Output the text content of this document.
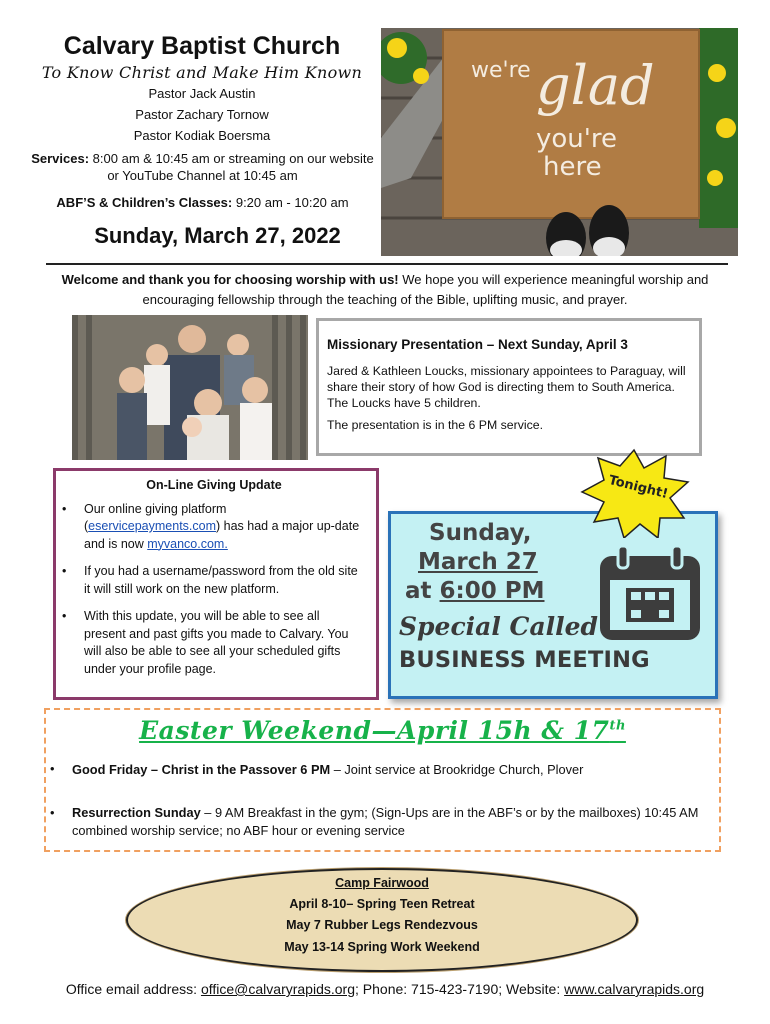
Calvary Baptist Church
To Know Christ and Make Him Known
Pastor Jack Austin
Pastor Zachary Tornow
Pastor Kodiak Boersma
Services: 8:00 am & 10:45 am or streaming on our website or YouTube Channel at 10:45 am
ABF’S & Children’s Classes: 9:20 am - 10:20 am
Sunday, March 27, 2022
we're glad
you're
here
Welcome and thank you for choosing worship with us! We hope you will experience meaningful worship and encouraging fellowship through the teaching of the Bible, uplifting music, and prayer.
Missionary Presentation – Next Sunday, April 3

Jared & Kathleen Loucks, missionary appointees to Paraguay, will share their story of how God is directing them to South America. The Loucks have 5 children.

The presentation is in the 6 PM service.

On-Line Giving Update
• Our online giving platform (eservicepayments.com) has had a major up-date and is now myvanco.com.
• If you had a username/password from the old site it will still work on the new platform.
• With this update, you will be able to see all present and past gifts you made to Calvary. You will also be able to see all your scheduled gifts under your profile page.
Sunday,
March 27
at 6:00 PM
Special Called
BUSINESS MEETING
Tonight!
Easter Weekend—April 15h & 17th
• Good Friday – Christ in the Passover 6 PM – Joint service at Brookridge Church, Plover
• Resurrection Sunday – 9 AM Breakfast in the gym; (Sign-Ups are in the ABF’s or by the mailboxes) 10:45 AM combined worship service; no ABF hour or evening service
Camp Fairwood
April 8-10– Spring Teen Retreat
May 7 Rubber Legs Rendezvous
May 13-14 Spring Work Weekend
Office email address: office@calvaryrapids.org; Phone: 715-423-7190; Website: www.calvaryrapids.org
